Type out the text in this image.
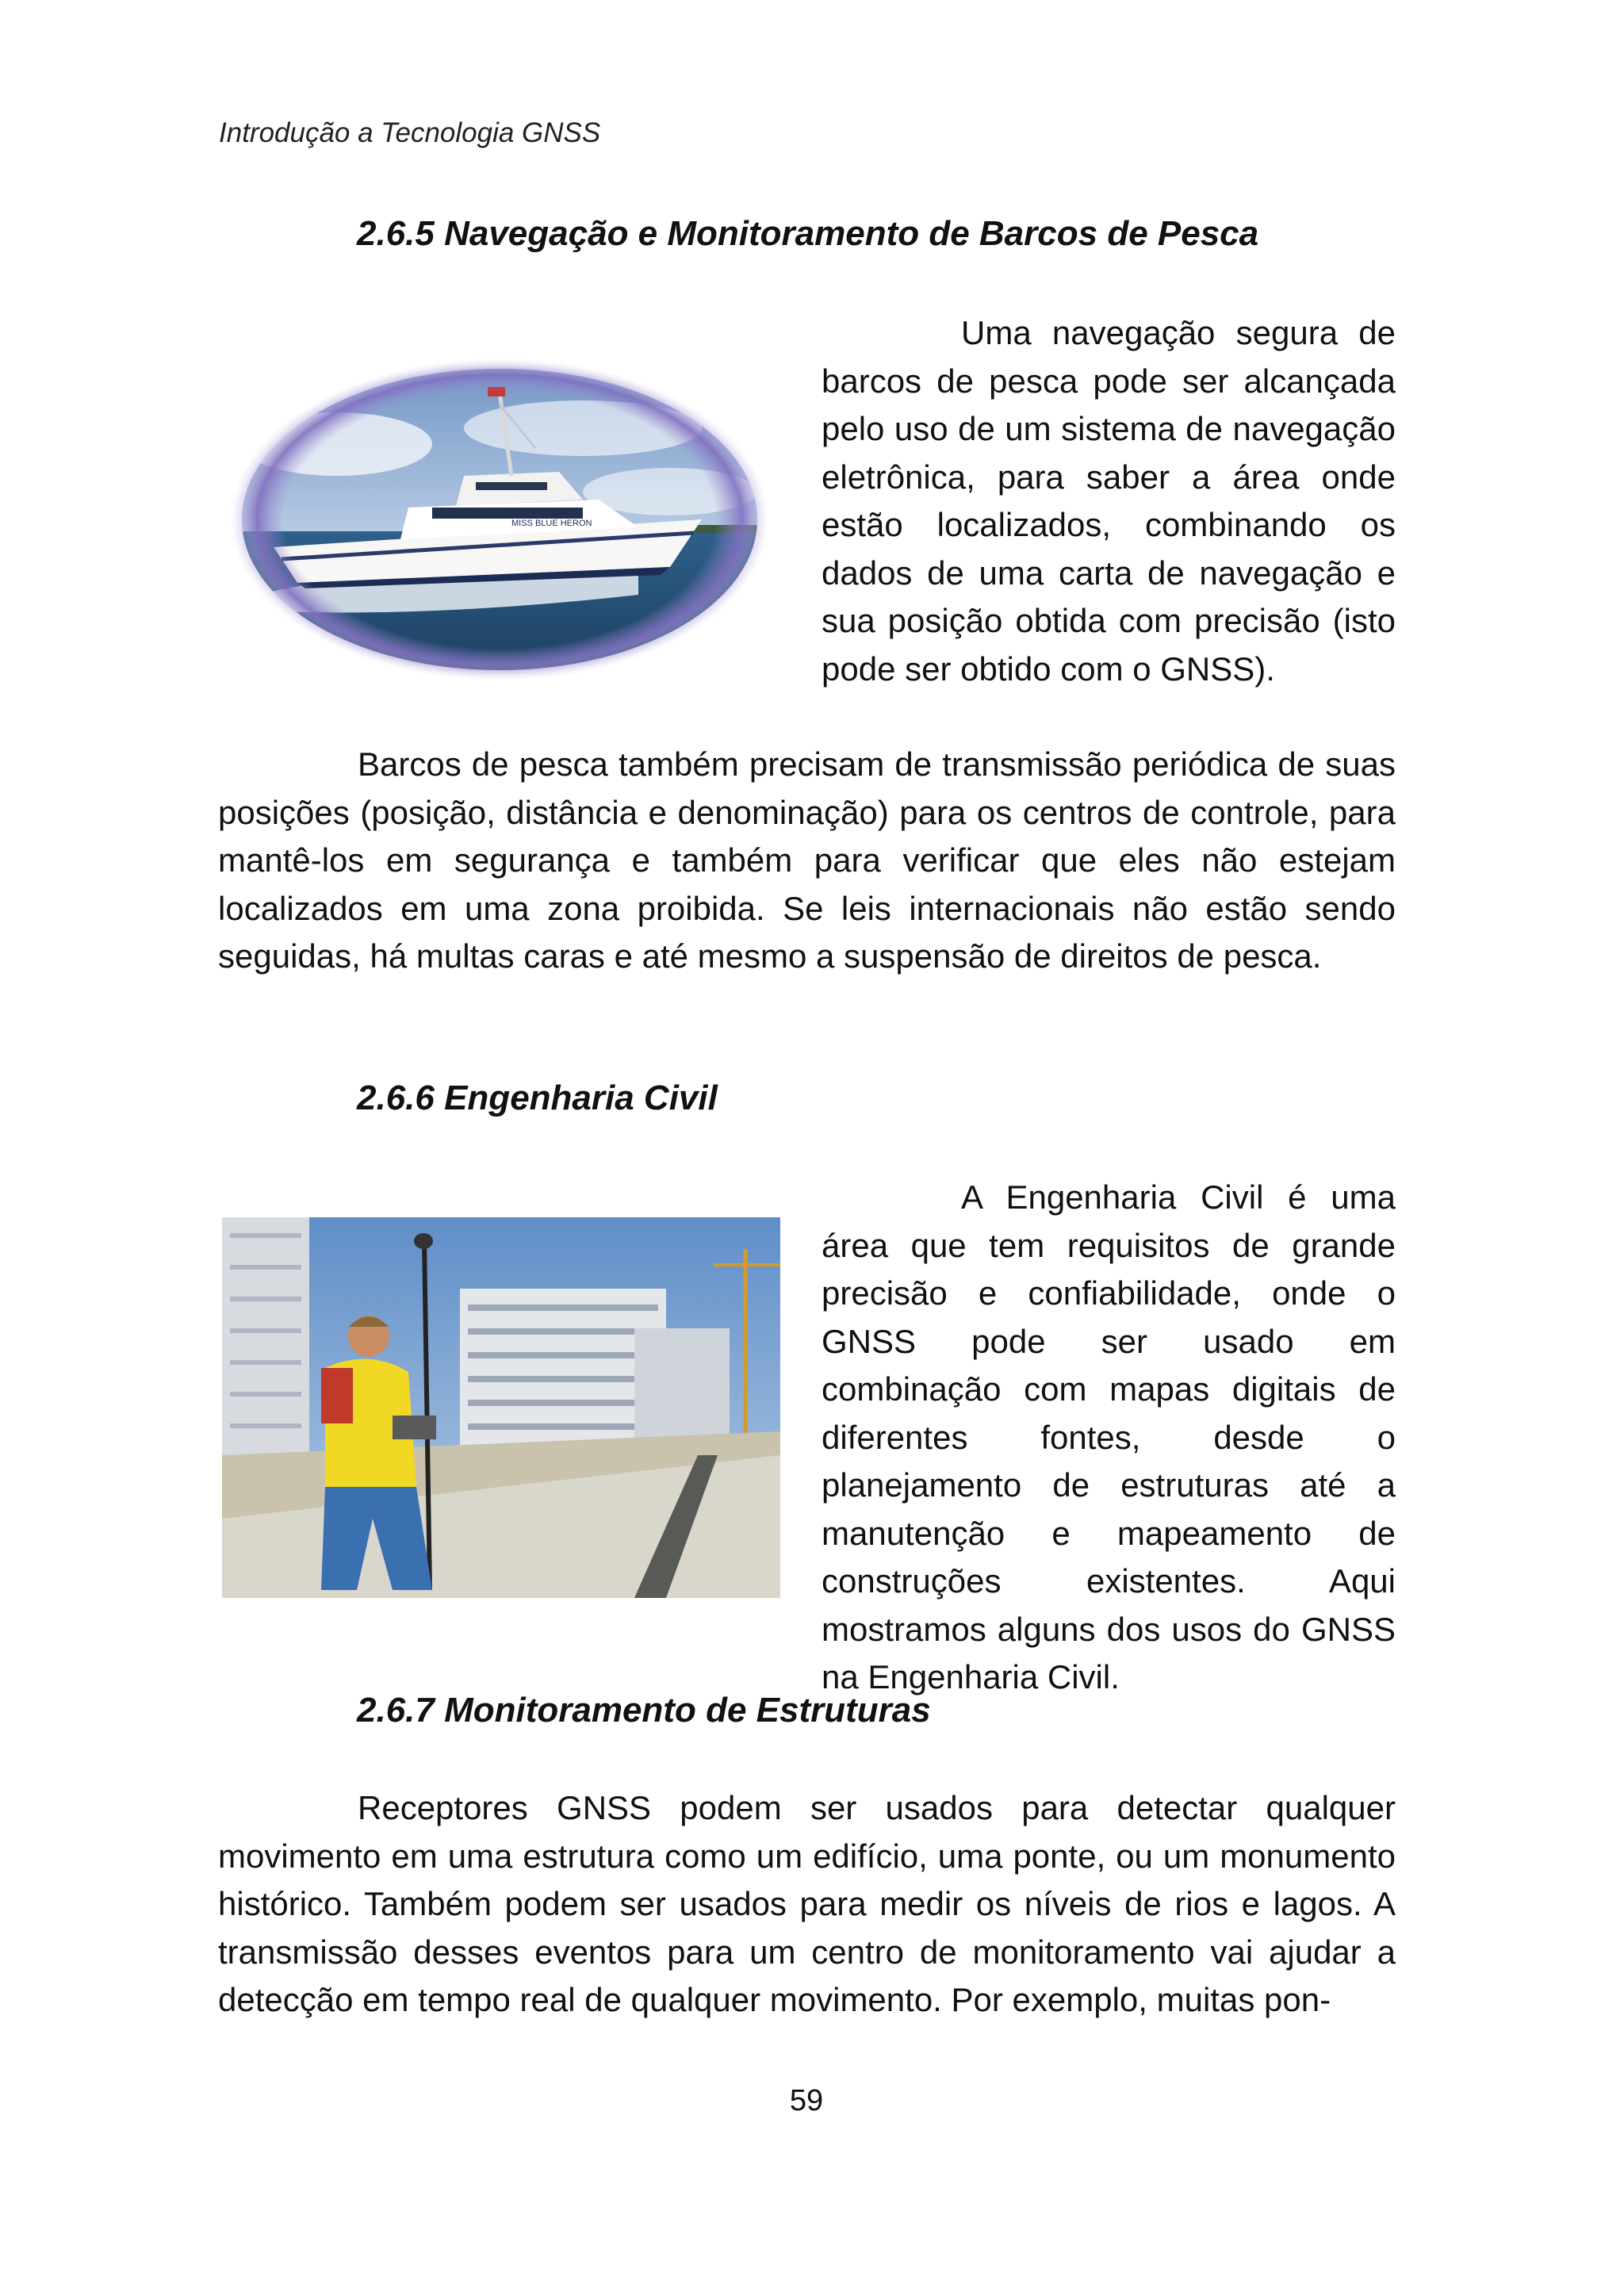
Introdução a Tecnologia GNSS
2.6.5 Navegação e Monitoramento de Barcos de Pesca

Uma navegação segura de barcos de pesca pode ser alcançada pelo uso de um sistema de navegação eletrônica, para saber a área onde estão localizados, combinando os dados de uma carta de navegação e sua posição obtida com precisão (isto pode ser obtido com o GNSS).

Barcos de pesca também precisam de transmissão periódica de suas posições (posição, distância e denominação) para os centros de controle, para mantê-los em segurança e também para verificar que eles não estejam localizados em uma zona proibida. Se leis internacionais não estão sendo seguidas, há multas caras e até mesmo a suspensão de direitos de pesca.

2.6.6 Engenharia Civil

A Engenharia Civil é uma área que tem requisitos de grande precisão e confiabilidade, onde o GNSS pode ser usado em combinação com mapas digitais de diferentes fontes, desde o planejamento de estruturas até a manutenção e mapeamento de construções existentes. Aqui mostramos alguns dos usos do GNSS na Engenharia Civil.

2.6.7 Monitoramento de Estruturas

Receptores GNSS podem ser usados para detectar qualquer movimento em uma estrutura como um edifício, uma ponte, ou um monumento histórico. Também podem ser usados para medir os níveis de rios e lagos. A transmissão desses eventos para um centro de monitoramento vai ajudar a detecção em tempo real de qualquer movimento. Por exemplo, muitas pon-

59
